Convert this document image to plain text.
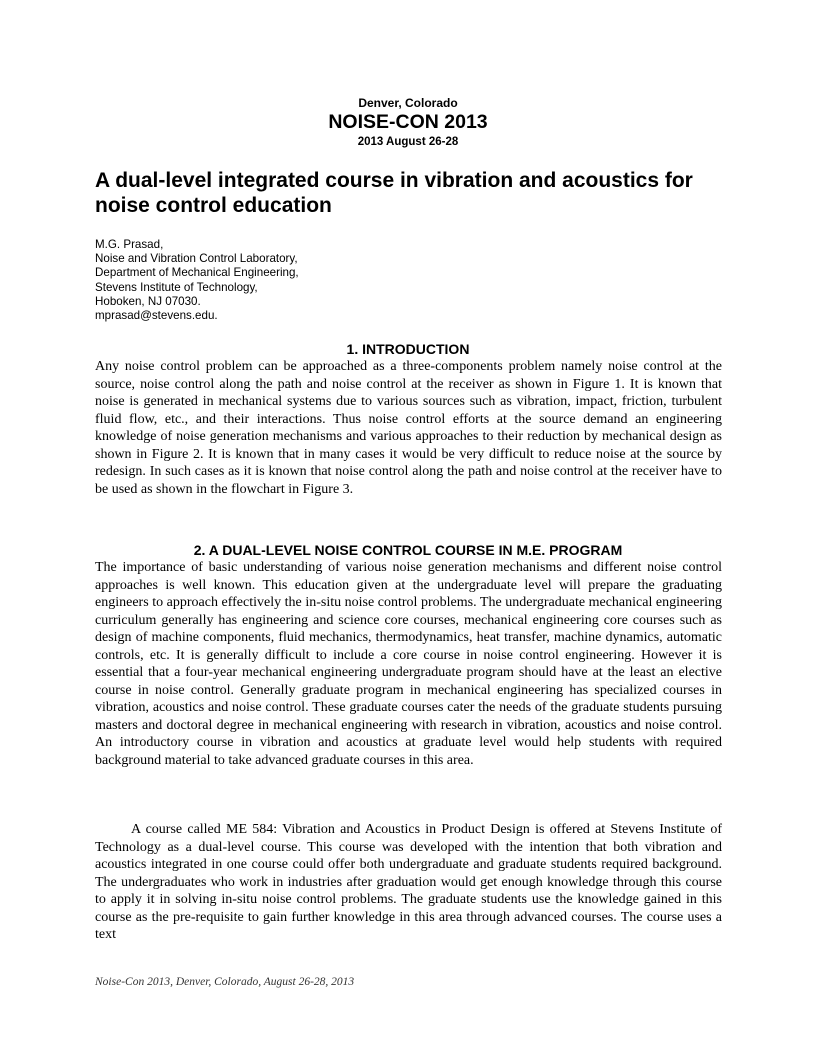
Denver, Colorado
NOISE-CON 2013
2013 August 26-28
A dual-level integrated course in vibration and acoustics for noise control education
M.G. Prasad,
Noise and Vibration Control Laboratory,
Department of Mechanical Engineering,
Stevens Institute of Technology,
Hoboken, NJ 07030.
mprasad@stevens.edu.
1. INTRODUCTION

Any noise control problem can be approached as a three-components problem namely noise control at the source, noise control along the path and noise control at the receiver as shown in Figure 1. It is known that noise is generated in mechanical systems due to various sources such as vibration, impact, friction, turbulent fluid flow, etc., and their interactions. Thus noise control efforts at the source demand an engineering knowledge of noise generation mechanisms and various approaches to their reduction by mechanical design as shown in Figure 2. It is known that in many cases it would be very difficult to reduce noise at the source by redesign. In such cases as it is known that noise control along the path and noise control at the receiver have to be used as shown in the flowchart in Figure 3.

2. A DUAL-LEVEL NOISE CONTROL COURSE IN M.E. PROGRAM

The importance of basic understanding of various noise generation mechanisms and different noise control approaches is well known. This education given at the undergraduate level will prepare the graduating engineers to approach effectively the in-situ noise control problems. The undergraduate mechanical engineering curriculum generally has engineering and science core courses, mechanical engineering core courses such as design of machine components, fluid mechanics, thermodynamics, heat transfer, machine dynamics, automatic controls, etc. It is generally difficult to include a core course in noise control engineering. However it is essential that a four-year mechanical engineering undergraduate program should have at the least an elective course in noise control. Generally graduate program in mechanical engineering has specialized courses in vibration, acoustics and noise control. These graduate courses cater the needs of the graduate students pursuing masters and doctoral degree in mechanical engineering with research in vibration, acoustics and noise control. An introductory course in vibration and acoustics at graduate level would help students with required background material to take advanced graduate courses in this area.

A course called ME 584: Vibration and Acoustics in Product Design is offered at Stevens Institute of Technology as a dual-level course. This course was developed with the intention that both vibration and acoustics integrated in one course could offer both undergraduate and graduate students required background. The undergraduates who work in industries after graduation would get enough knowledge through this course to apply it in solving in-situ noise control problems. The graduate students use the knowledge gained in this course as the pre-requisite to gain further knowledge in this area through advanced courses. The course uses a text

Noise-Con 2013, Denver, Colorado, August 26-28, 2013
